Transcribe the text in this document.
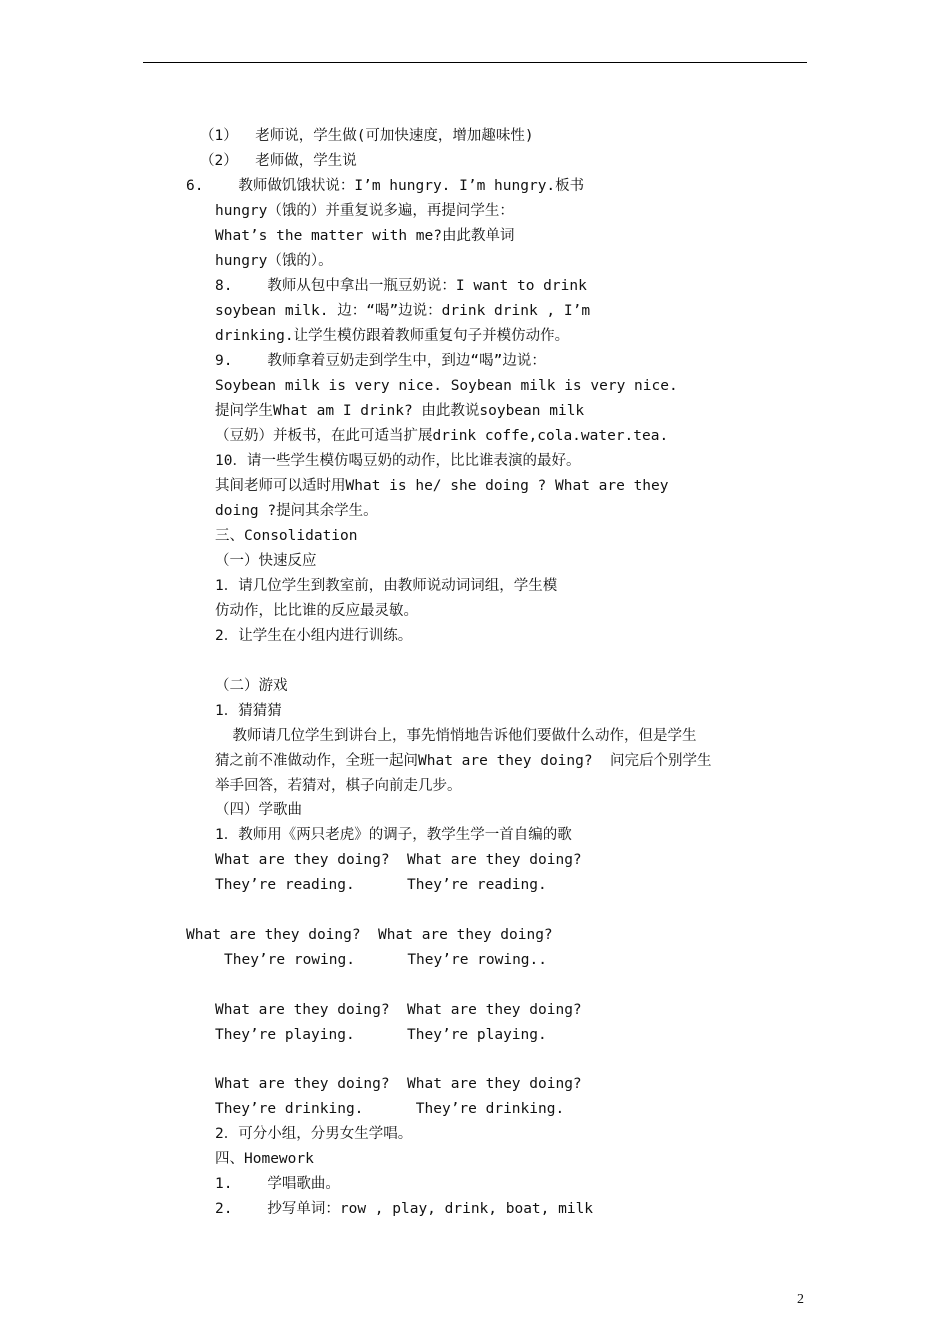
（1）  老师说，学生做(可加快速度，增加趣味性)
（2）  老师做，学生说
6.    教师做饥饿状说：I’m hungry. I’m hungry.板书
hungry（饿的）并重复说多遍，再提问学生：
What’s the matter with me?由此教单词
hungry（饿的）。
8.    教师从包中拿出一瓶豆奶说：I want to drink
soybean milk. 边：“喝”边说：drink drink , I’m
drinking.让学生模仿跟着教师重复句子并模仿动作。
9.    教师拿着豆奶走到学生中，到边“喝”边说：
Soybean milk is very nice. Soybean milk is very nice.
提问学生What am I drink? 由此教说soybean milk
（豆奶）并板书，在此可适当扩展drink coffe,cola.water.tea.
10．请一些学生模仿喝豆奶的动作，比比谁表演的最好。
其间老师可以适时用What is he/ she doing ? What are they
doing ?提问其余学生。
三、Consolidation
（一）快速反应
1．请几位学生到教室前，由教师说动词词组，学生模
仿动作，比比谁的反应最灵敏。
2．让学生在小组内进行训练。
（二）游戏
1．猜猜猜
教师请几位学生到讲台上，事先悄悄地告诉他们要做什么动作，但是学生
猜之前不准做动作，全班一起问What are they doing?  问完后个别学生
举手回答，若猜对，棋子向前走几步。
（四）学歌曲
1．教师用《两只老虎》的调子，教学生学一首自编的歌
What are they doing?  What are they doing?
They’re reading.      They’re reading.
What are they doing?  What are they doing?
They’re rowing.      They’re rowing..
What are they doing?  What are they doing?
They’re playing.      They’re playing.
What are they doing?  What are they doing?
They’re drinking.      They’re drinking.
2．可分小组，分男女生学唱。
四、Homework
1.    学唱歌曲。
2.    抄写单词：row , play, drink, boat, milk
2
